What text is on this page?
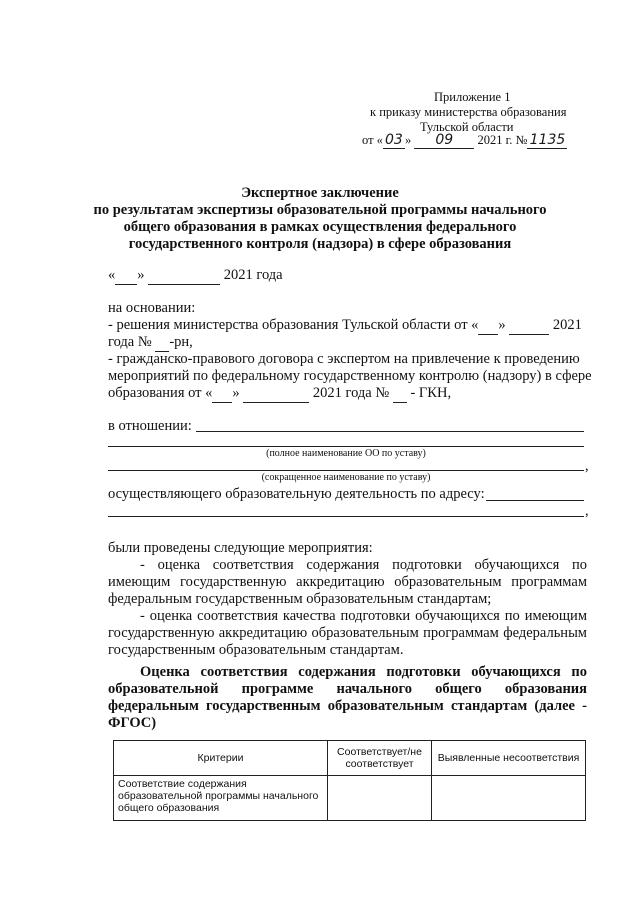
Приложение 1
к приказу министерства образования
Тульской области
от « 03 » 09 2021 г. № 1135
Экспертное заключение
по результатам экспертизы образовательной программы начального
общего образования в рамках осуществления федерального
государственного контроля (надзора) в сфере образования
« »	2021 года
на основании:
- решения министерства образования Тульской области от « »	2021
года № -рн,
- гражданско-правового договора с экспертом на привлечение к проведению
мероприятий по федеральному государственному контролю (надзору) в сфере
образования от « »	2021 года № - ГКН,
в отношении:
(полное наименование ОО по уставу)
,
(сокращенное наименование по уставу)
осуществляющего образовательную деятельность по адресу:
,
были проведены следующие мероприятия:
- оценка соответствия содержания подготовки обучающихся по
имеющим государственную аккредитацию образовательным программам
федеральным государственным образовательным стандартам;
- оценка соответствия качества подготовки обучающихся по имеющим
государственную аккредитацию образовательным программам федеральным
государственным образовательным стандартам.
Оценка соответствия содержания подготовки обучающихся по
образовательной программе начального общего образования
федеральным государственным образовательным стандартам (далее -
ФГОС)
Критерии	Соответствует/не соответствует	Выявленные несоответствия
Соответствие содержания образовательной программы начального общего образования		
